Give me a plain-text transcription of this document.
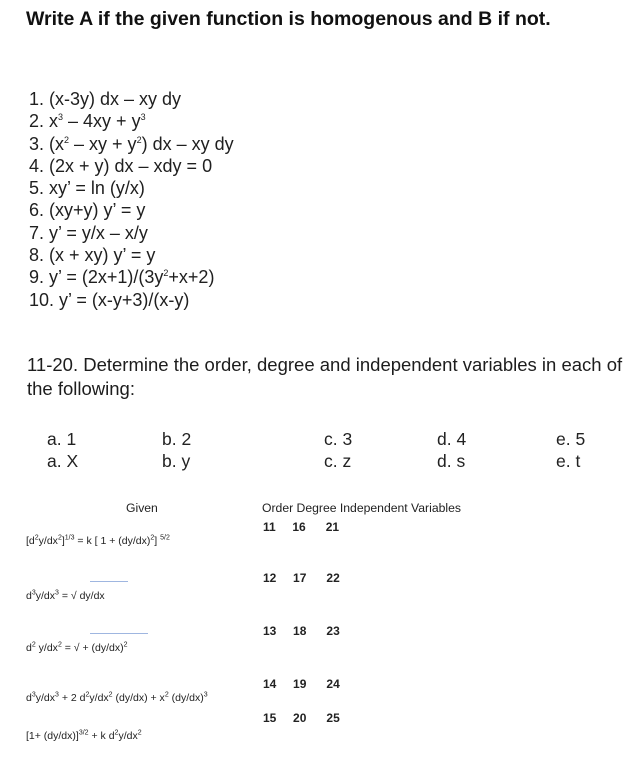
Write A if the given function is homogenous and B if not.
1. (x-3y) dx – xy dy
2. $x^3 - 4xy + y^3$
3. ($x^2$ – xy + $y^2$) dx – xy dy
4. (2x + y) dx – xdy = 0
5. xy’ = ln (y/x)
6. (xy+y) y’ = y
7. y’ = y/x – x/y
8. (x + xy) y’ = y
9. y’ = $(2x+1)/(3y^2+x+2)$
10. y’ = (x-y+3)/(x-y)
11-20. Determine the order, degree and independent variables in each of the following:
a. 1
a. X
b. 2
b. y
c. 3
c. z
d. 4
d. s
e. 5
e. t
Given	Order Degree Independent Variables
11 16 21
12 17 22
13 18 23
14 19 24
15 20 25
$[d^2y/dx^2]^{1/3} = k$ [ $1 + (dy/dx)^2$] $^{5/2}$
$d^3y/dx^3$ = √ dy/dx
$d^2$ $y/dx^2$ = √ + $(dy/dx)^2$
$d^3y/dx^3 + 2$ $d^2y/dx^2$ $(dy/dx) + x^2$ $(dy/dx)^3$
$[1+ (dy/dx)]^{3/2} + k$ $d^2y/dx^2$
